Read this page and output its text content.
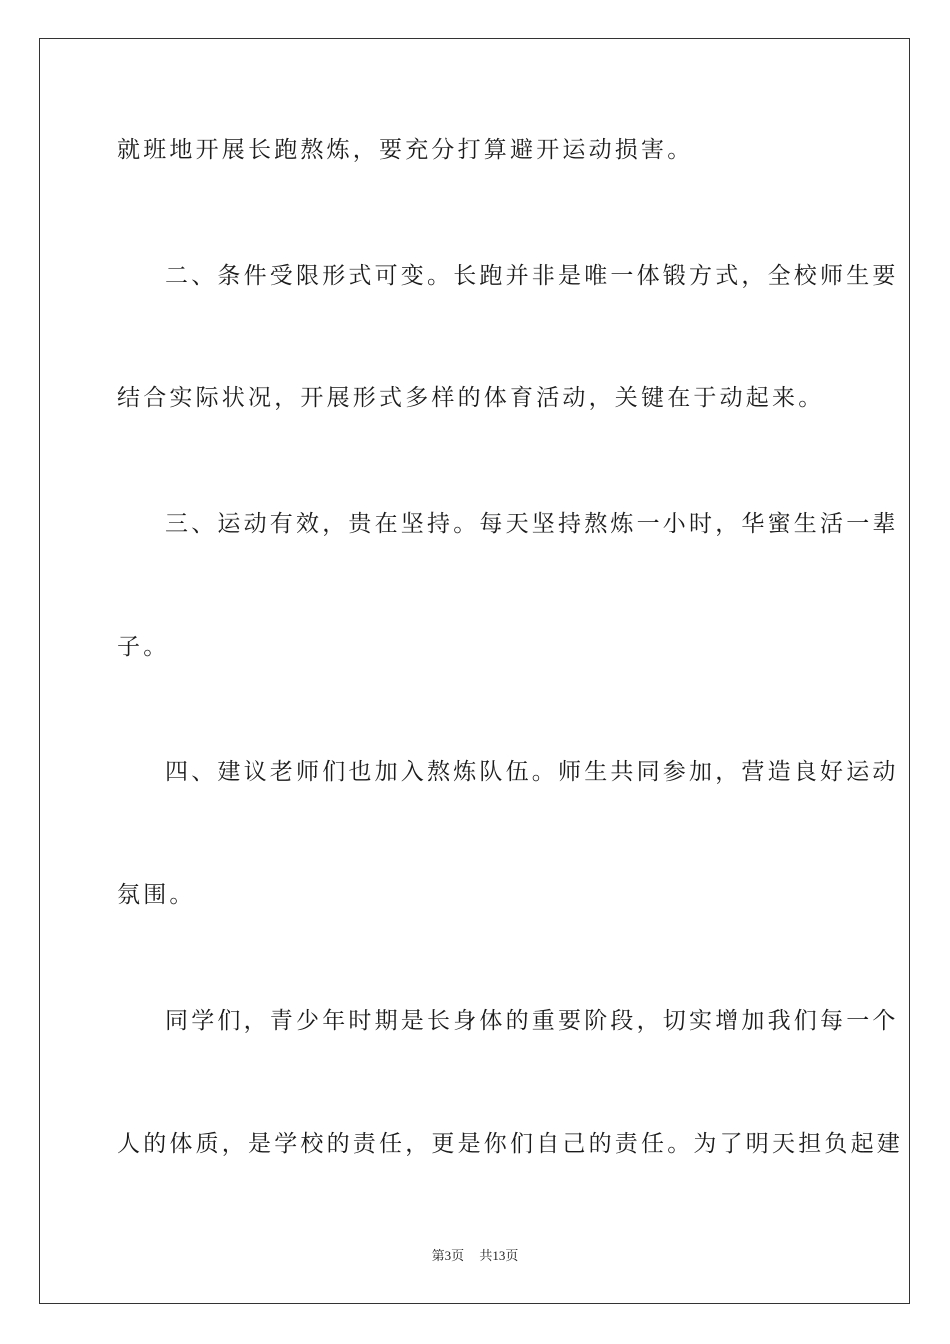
就班地开展长跑熬炼，要充分打算避开运动损害。
二、条件受限形式可变。长跑并非是唯一体锻方式，全校师生要
结合实际状况，开展形式多样的体育活动，关键在于动起来。
三、运动有效，贵在坚持。每天坚持熬炼一小时，华蜜生活一辈
子。
四、建议老师们也加入熬炼队伍。师生共同参加，营造良好运动
氛围。
同学们，青少年时期是长身体的重要阶段，切实增加我们每一个
人的体质，是学校的责任，更是你们自己的责任。为了明天担负起建
第3页 共13页
